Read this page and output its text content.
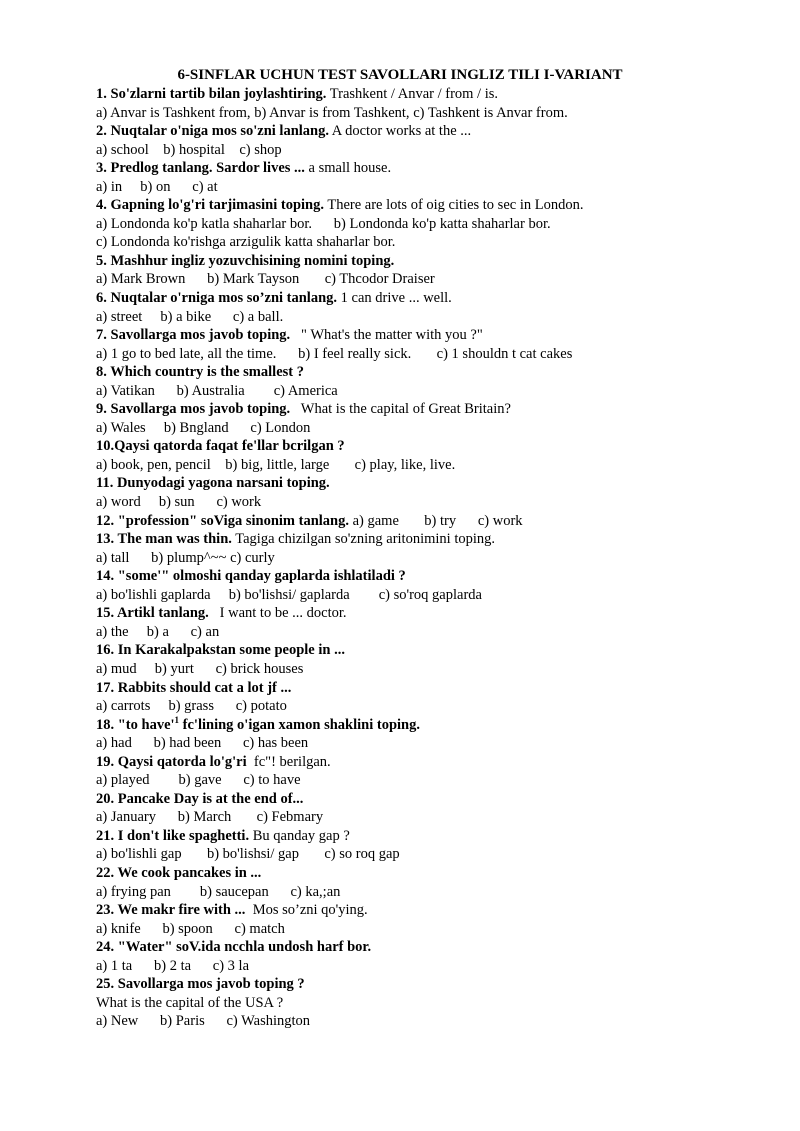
6-SINFLAR UCHUN TEST SAVOLLARI INGLIZ TILI I-VARIANT
1. So'zlarni tartib bilan joylashtiring. Trashkent / Anvar / from / is.
a) Anvar is Tashkent from, b) Anvar is from Tashkent, c) Tashkent is Anvar from.
2. Nuqtalar o'niga mos so'zni lanlang. A doctor works at the ...
a) school b) hospital c) shop
3. Predlog tanlang. Sardor lives ... a small house.
a) in b) on c) at
4. Gapning lo'g'ri tarjimasini toping. There are lots of oig cities to sec in London.
a) Londonda ko'p katla shaharlar bor. b) Londonda ko'p katta shaharlar bor.
c) Londonda ko'rishga arzigulik katta shaharlar bor.
5. Mashhur ingliz yozuvchisining nomini toping.
a) Mark Brown b) Mark Tayson c) Thcodor Draiser
6. Nuqtalar o'rniga mos so’zni tanlang. 1 can drive ... well.
a) street b) a bike c) a ball.
7. Savollarga mos javob toping.   " What's the matter with you ?"
a) 1 go to bed late, all the time. b) I feel really sick. c) 1 shouldn t cat cakes
8. Which country is the smallest ?
a) Vatikan b) Australia c) America
9. Savollarga mos javob toping.   What is the capital of Great Britain?
a) Wales b) Bngland c) London
10.Qaysi qatorda faqat fe'llar bcrilgan ?
a) book, pen, pencil b) big, little, large c) play, like, live.
11. Dunyodagi yagona narsani toping.
a) word b) sun c) work
12. "profession" soViga sinonim tanlang. a) game b) try c) work
13. The man was thin. Tagiga chizilgan so'zning aritonimini toping.
a) tall b) plump^~~ c) curly
14. "some'" olmoshi qanday gaplarda ishlatiladi ?
a) bo'lishli gaplarda b) bo'lishsi/ gaplarda c) so'roq gaplarda
15. Artikl tanlang.   I want to be ... doctor.
a) the b) a c) an
16. In Karakalpakstan some people in ...
a) mud b) yurt c) brick houses
17. Rabbits should cat a lot jf ...
a) carrots b) grass c) potato
18. "to $have'^1$ fc'lining o'igan xamon shaklini toping.
a) had b) had been c) has been
19. Qaysi qatorda lo'g'ri  fc"! berilgan.
a) played b) gave c) to have
20. Pancake Day is at the end of...
a) January b) March c) Febmary
21. I don't like spaghetti. Bu qanday gap ?
a) bo'lishli gap b) bo'lishsi/ gap c) so roq gap
22. We cook pancakes in ...
a) frying pan b) saucepan c) ka,;an
23. We makr fire with ...  Mos so’zni qo'ying.
a) knife b) spoon c) match
24. "Water" soV.ida ncchla undosh harf bor.
a) 1 ta b) 2 ta c) 3 la
25. Savollarga mos javob toping ?
What is the capital of the USA ?
a) New b) Paris c) Washington
